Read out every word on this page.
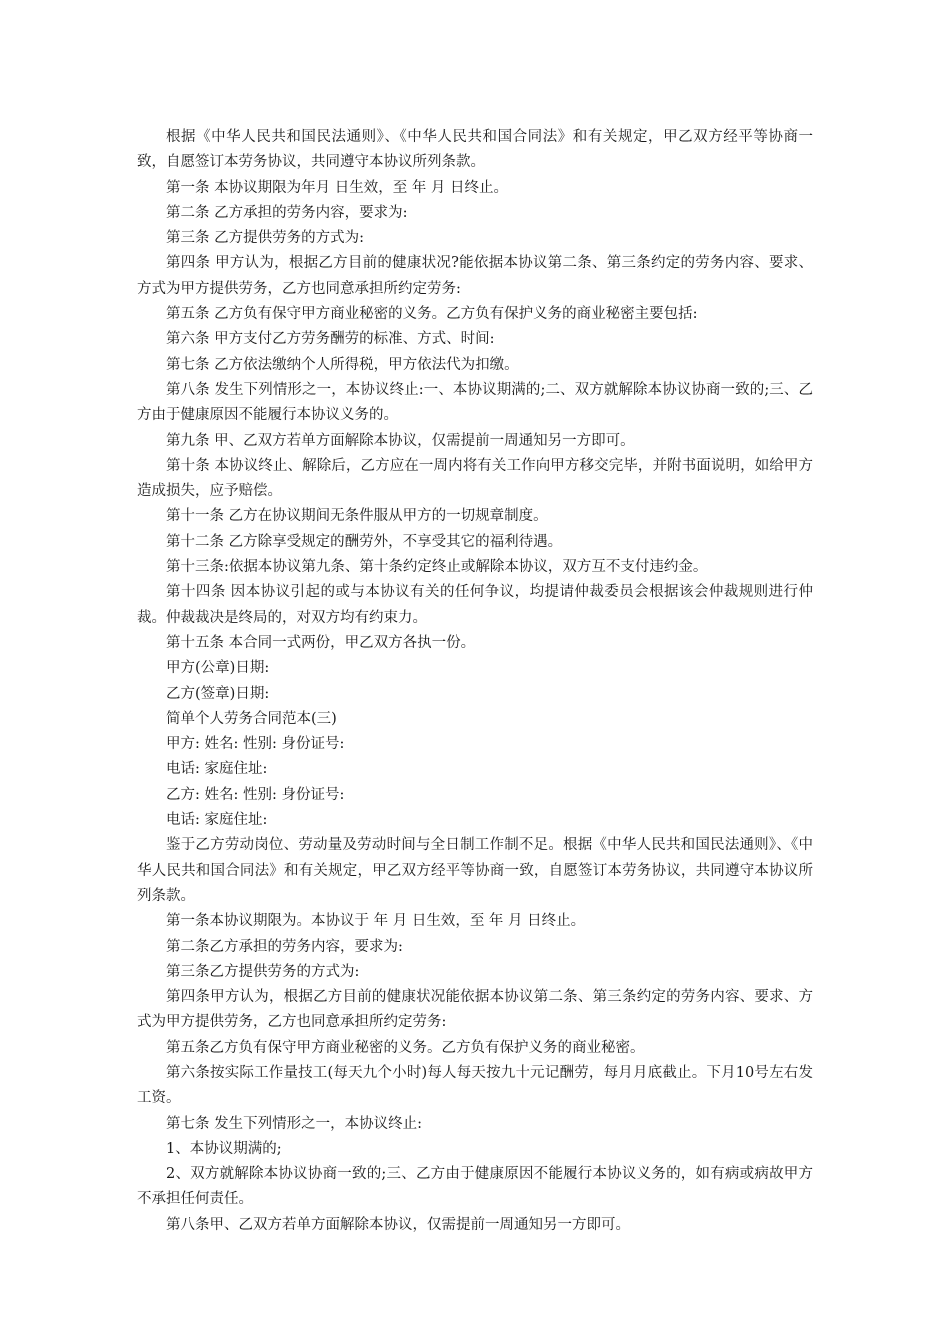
根据《中华人民共和国民法通则》、《中华人民共和国合同法》和有关规定，甲乙双方经平等协商一致，自愿签订本劳务协议，共同遵守本协议所列条款。

第一条 本协议期限为年月 日生效，至 年 月 日终止。

第二条 乙方承担的劳务内容，要求为:

第三条 乙方提供劳务的方式为:

第四条 甲方认为，根据乙方目前的健康状况?能依据本协议第二条、第三条约定的劳务内容、要求、方式为甲方提供劳务，乙方也同意承担所约定劳务:

第五条 乙方负有保守甲方商业秘密的义务。乙方负有保护义务的商业秘密主要包括:

第六条 甲方支付乙方劳务酬劳的标准、方式、时间:

第七条 乙方依法缴纳个人所得税，甲方依法代为扣缴。

第八条 发生下列情形之一，本协议终止:一、本协议期满的;二、双方就解除本协议协商一致的;三、乙方由于健康原因不能履行本协议义务的。

第九条 甲、乙双方若单方面解除本协议，仅需提前一周通知另一方即可。

第十条 本协议终止、解除后，乙方应在一周内将有关工作向甲方移交完毕，并附书面说明，如给甲方造成损失，应予赔偿。

第十一条 乙方在协议期间无条件服从甲方的一切规章制度。

第十二条 乙方除享受规定的酬劳外，不享受其它的福利待遇。

第十三条:依据本协议第九条、第十条约定终止或解除本协议，双方互不支付违约金。

第十四条 因本协议引起的或与本协议有关的任何争议，均提请仲裁委员会根据该会仲裁规则进行仲裁。仲裁裁决是终局的，对双方均有约束力。

第十五条 本合同一式两份，甲乙双方各执一份。

甲方(公章)日期:

乙方(签章)日期:

简单个人劳务合同范本(三)

甲方: 姓名: 性别: 身份证号:

电话: 家庭住址:

乙方: 姓名: 性别: 身份证号:

电话: 家庭住址:

鉴于乙方劳动岗位、劳动量及劳动时间与全日制工作制不足。根据《中华人民共和国民法通则》、《中华人民共和国合同法》和有关规定，甲乙双方经平等协商一致，自愿签订本劳务协议，共同遵守本协议所列条款。

第一条本协议期限为。本协议于 年 月 日生效，至 年 月 日终止。

第二条乙方承担的劳务内容，要求为:

第三条乙方提供劳务的方式为:

第四条甲方认为，根据乙方目前的健康状况能依据本协议第二条、第三条约定的劳务内容、要求、方式为甲方提供劳务，乙方也同意承担所约定劳务:

第五条乙方负有保守甲方商业秘密的义务。乙方负有保护义务的商业秘密。

第六条按实际工作量技工(每天九个小时)每人每天按九十元记酬劳，每月月底截止。下月10号左右发工资。

第七条 发生下列情形之一，本协议终止:

1、本协议期满的;

2、双方就解除本协议协商一致的;三、乙方由于健康原因不能履行本协议义务的，如有病或病故甲方不承担任何责任。

第八条甲、乙双方若单方面解除本协议，仅需提前一周通知另一方即可。
